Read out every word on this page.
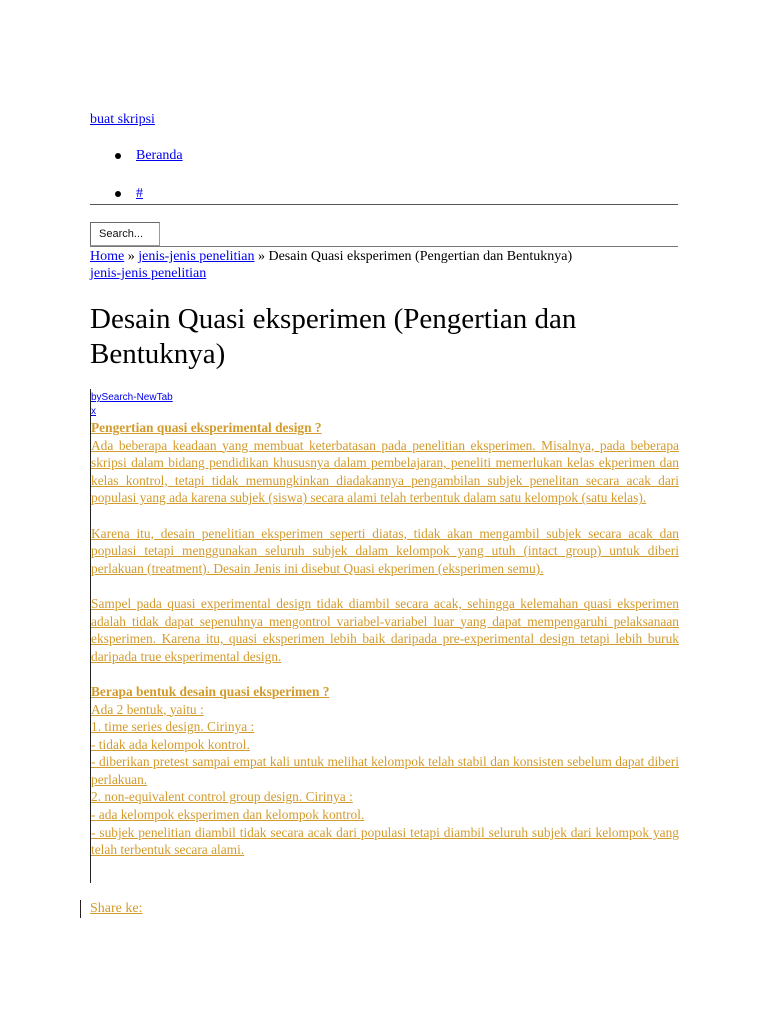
buat skripsi
Beranda
#
Search...
Home » jenis-jenis penelitian » Desain Quasi eksperimen (Pengertian dan Bentuknya)
jenis-jenis penelitian
Desain Quasi eksperimen (Pengertian dan Bentuknya)
bySearch-NewTab
x

Pengertian quasi eksperimental design ?

Ada beberapa keadaan yang membuat keterbatasan pada penelitian eksperimen. Misalnya, pada beberapa skripsi dalam bidang pendidikan khususnya dalam pembelajaran, peneliti memerlukan kelas ekperimen dan kelas kontrol, tetapi tidak memungkinkan diadakannya pengambilan subjek penelitan secara acak dari populasi yang ada karena subjek (siswa) secara alami telah terbentuk dalam satu kelompok (satu kelas).

Karena itu, desain penelitian eksperimen seperti diatas, tidak akan mengambil subjek secara acak dan populasi tetapi menggunakan seluruh subjek dalam kelompok yang utuh (intact group) untuk diberi perlakuan (treatment). Desain Jenis ini disebut Quasi ekperimen (eksperimen semu).

Sampel pada quasi experimental design tidak diambil secara acak, sehingga kelemahan quasi eksperimen adalah tidak dapat sepenuhnya mengontrol variabel-variabel luar yang dapat mempengaruhi pelaksanaan eksperimen. Karena itu, quasi eksperimen lebih baik daripada pre-experimental design tetapi lebih buruk daripada true eksperimental design.

Berapa bentuk desain quasi eksperimen ?

Ada 2 bentuk, yaitu :

1. time series design. Cirinya :

- tidak ada kelompok kontrol.

- diberikan pretest sampai empat kali untuk melihat kelompok telah stabil dan konsisten sebelum dapat diberi perlakuan.

2. non-equivalent control group design. Cirinya :

- ada kelompok eksperimen dan kelompok kontrol.

- subjek penelitian diambil tidak secara acak dari populasi tetapi diambil seluruh subjek dari kelompok yang telah terbentuk secara alami.

Share ke:
